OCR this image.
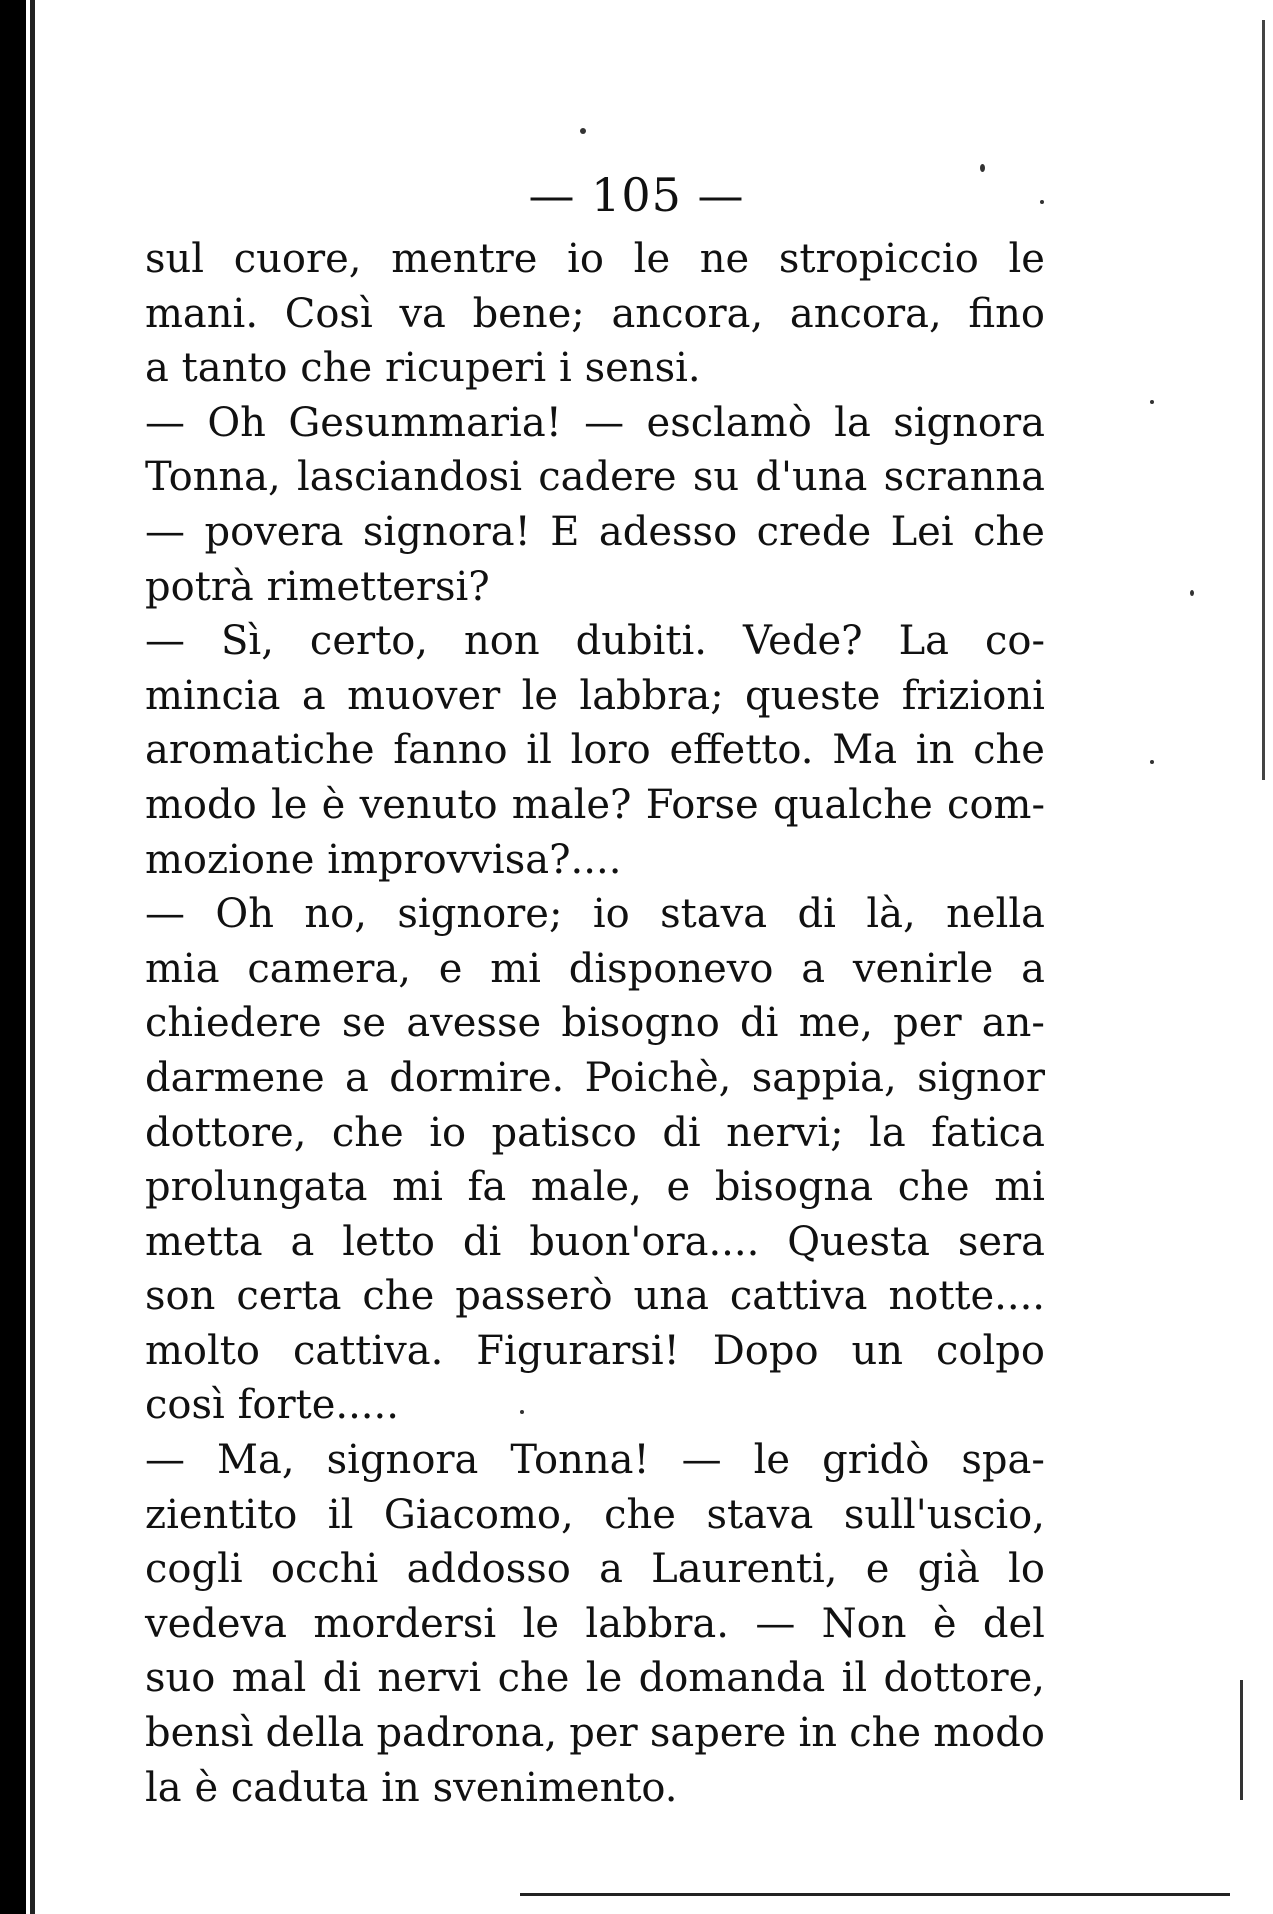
— 105 —
sul cuore, mentre io le ne stropiccio le
mani. Così va bene; ancora, ancora, fino
a tanto che ricuperi i sensi.
— Oh Gesummaria! — esclamò la signora
Tonna, lasciandosi cadere su d'una scranna
— povera signora! E adesso crede Lei che
potrà rimettersi?
— Sì, certo, non dubiti. Vede? La co-
mincia a muover le labbra; queste frizioni
aromatiche fanno il loro effetto. Ma in che
modo le è venuto male? Forse qualche com-
mozione improvvisa?....
— Oh no, signore; io stava di là, nella
mia camera, e mi disponevo a venirle a
chiedere se avesse bisogno di me, per an-
darmene a dormire. Poichè, sappia, signor
dottore, che io patisco di nervi; la fatica
prolungata mi fa male, e bisogna che mi
metta a letto di buon'ora.... Questa sera
son certa che passerò una cattiva notte....
molto cattiva. Figurarsi! Dopo un colpo
così forte.....
— Ma, signora Tonna! — le gridò spa-
zientito il Giacomo, che stava sull'uscio,
cogli occhi addosso a Laurenti, e già lo
vedeva mordersi le labbra. — Non è del
suo mal di nervi che le domanda il dottore,
bensì della padrona, per sapere in che modo
la è caduta in svenimento.
